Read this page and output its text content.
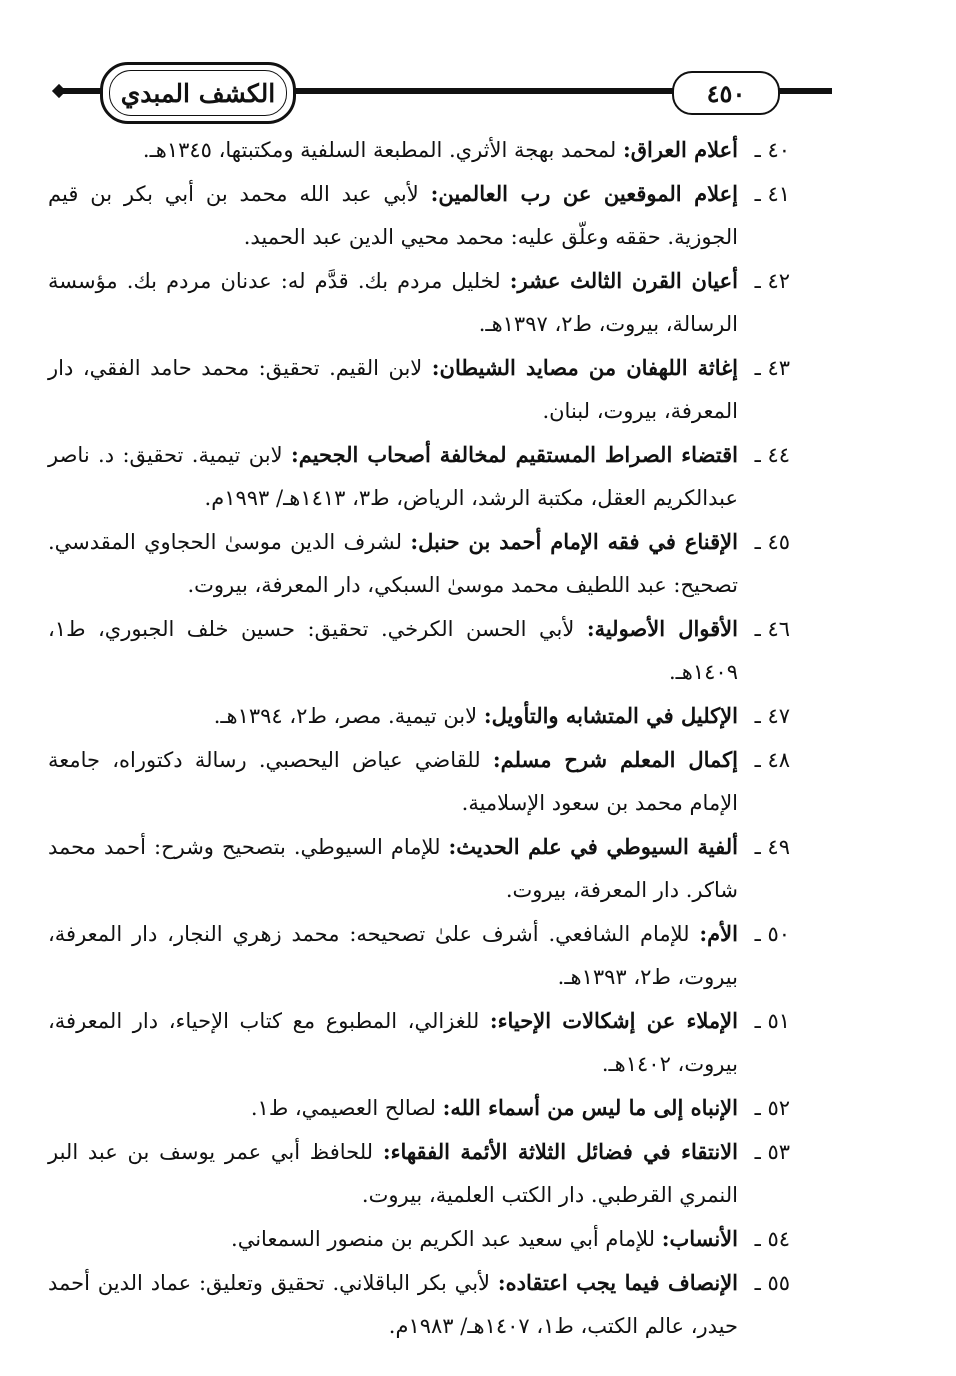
الكشف المبدي	٤٥٠

٤٠ ـأعلام العراق: لمحمد بهجة الأثري. المطبعة السلفية ومكتبتها، ١٣٤٥هـ.

٤١ ـإعلام الموقعين عن رب العالمين: لأبي عبد الله محمد بن أبي بكر بن قيم الجوزية. حققه وعلّق عليه: محمد محيي الدين عبد الحميد.

٤٢ ـأعيان القرن الثالث عشر: لخليل مردم بك. قدَّم له: عدنان مردم بك. مؤسسة الرسالة، بيروت، ط٢، ١٣٩٧هـ.

٤٣ ـإغاثة اللهفان من مصايد الشيطان: لابن القيم. تحقيق: محمد حامد الفقي، دار المعرفة، بيروت، لبنان.

٤٤ ـاقتضاء الصراط المستقيم لمخالفة أصحاب الجحيم: لابن تيمية. تحقيق: د. ناصر عبدالكريم العقل، مكتبة الرشد، الرياض، ط٣، ١٤١٣هـ/ ١٩٩٣م.

٤٥ ـالإقناع في فقه الإمام أحمد بن حنبل: لشرف الدين موسىٰ الحجاوي المقدسي. تصحيح: عبد اللطيف محمد موسىٰ السبكي، دار المعرفة، بيروت.

٤٦ ـالأقوال الأصولية: لأبي الحسن الكرخي. تحقيق: حسين خلف الجبوري، ط١، ١٤٠٩هـ.

٤٧ ـالإكليل في المتشابه والتأويل: لابن تيمية. مصر، ط٢، ١٣٩٤هـ.

٤٨ ـإكمال المعلم شرح مسلم: للقاضي عياض اليحصبي. رسالة دكتوراه، جامعة الإمام محمد بن سعود الإسلامية.

٤٩ ـألفية السيوطي في علم الحديث: للإمام السيوطي. بتصحيح وشرح: أحمد محمد شاكر. دار المعرفة، بيروت.

٥٠ ـالأم: للإمام الشافعي. أشرف علىٰ تصحيحه: محمد زهري النجار، دار المعرفة، بيروت، ط٢، ١٣٩٣هـ.

٥١ ـالإملاء عن إشكالات الإحياء: للغزالي، المطبوع مع كتاب الإحياء، دار المعرفة، بيروت، ١٤٠٢هـ.

٥٢ ـالإنباه إلى ما ليس من أسماء الله: لصالح العصيمي، ط١.

٥٣ ـالانتقاء في فضائل الثلاثة الأئمة الفقهاء: للحافظ أبي عمر يوسف بن عبد البر النمري القرطبي. دار الكتب العلمية، بيروت.

٥٤ ـالأنساب: للإمام أبي سعيد عبد الكريم بن منصور السمعاني.

٥٥ ـالإنصاف فيما يجب اعتقاده: لأبي بكر الباقلاني. تحقيق وتعليق: عماد الدين أحمد حيدر، عالم الكتب، ط١، ١٤٠٧هـ/ ١٩٨٣م.
